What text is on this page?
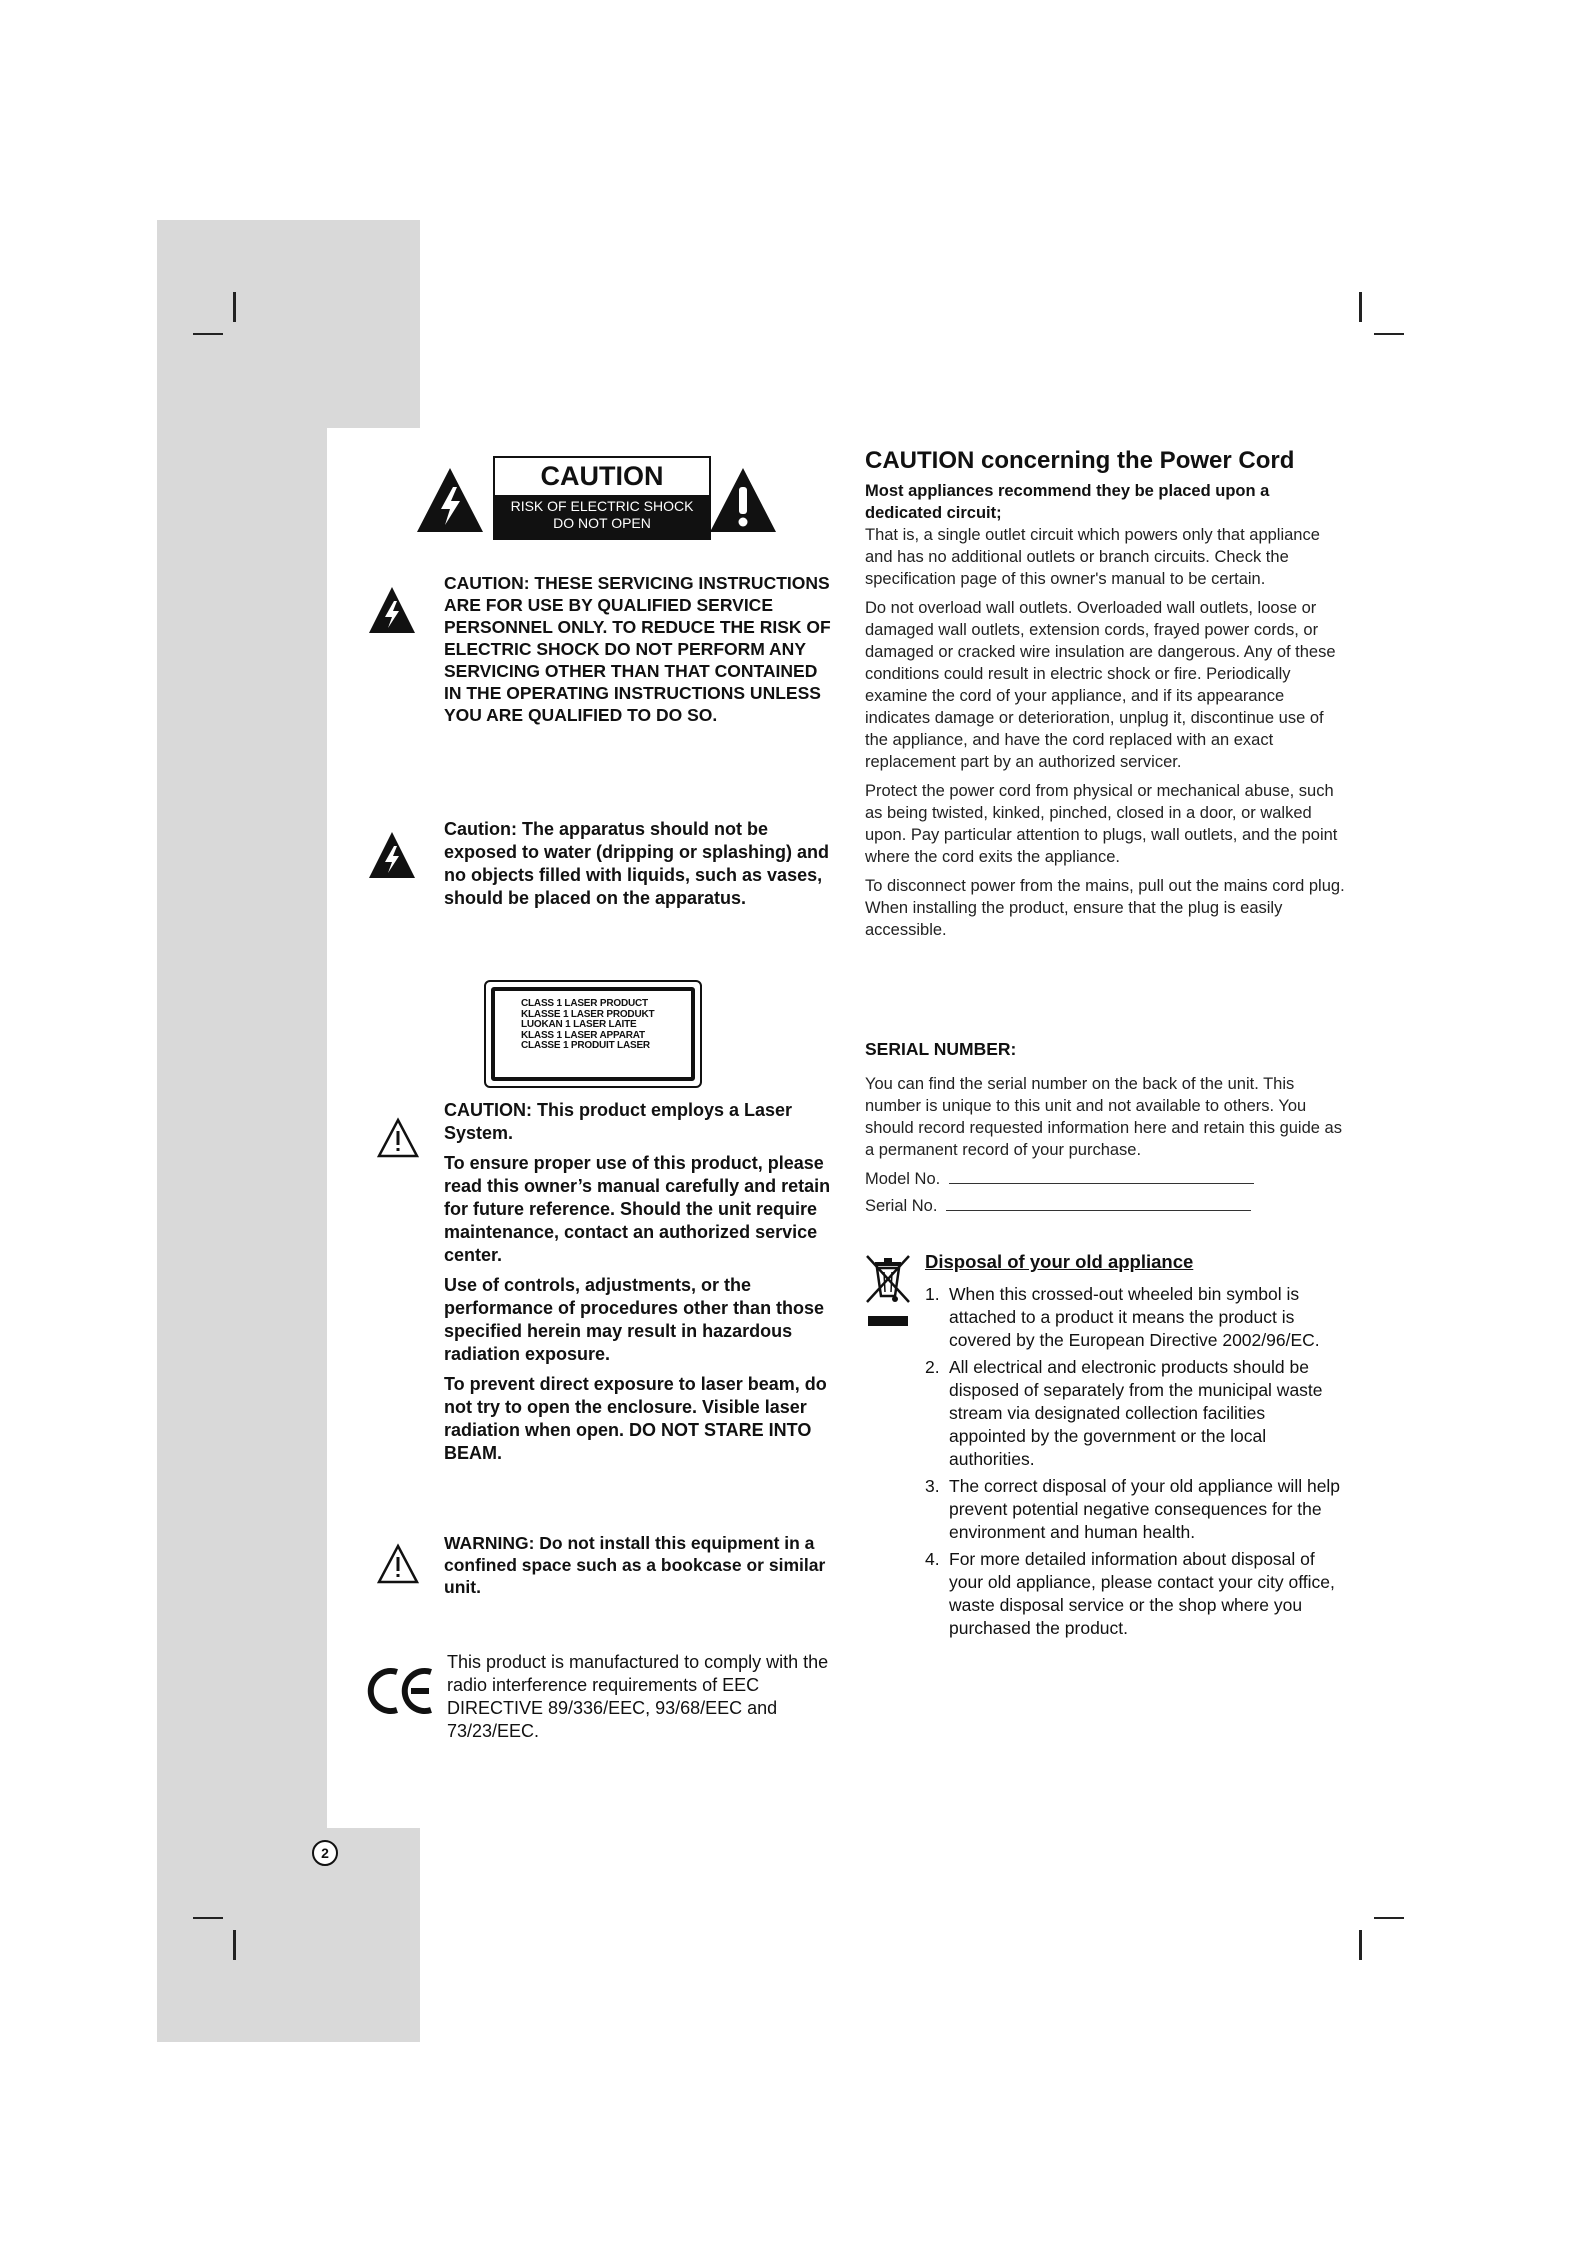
CAUTION
RISK OF ELECTRIC SHOCK
DO NOT OPEN

CAUTION: THESE SERVICING INSTRUCTIONS ARE FOR USE BY QUALIFIED SERVICE PERSONNEL ONLY. TO REDUCE THE RISK OF ELECTRIC SHOCK DO NOT PERFORM ANY SERVICING OTHER THAN THAT CONTAINED IN THE OPERATING INSTRUCTIONS UNLESS YOU ARE QUALIFIED TO DO SO.

Caution: The apparatus should not be exposed to water (dripping or splashing) and no objects filled with liquids, such as vases, should be placed on the apparatus.

CLASS 1 LASER PRODUCT
KLASSE 1 LASER PRODUKT
LUOKAN 1 LASER LAITE
KLASS 1 LASER APPARAT
CLASSE 1 PRODUIT LASER

CAUTION: This product employs a Laser System.

To ensure proper use of this product, please read this owner’s manual carefully and retain for future reference. Should the unit require maintenance, contact an authorized service center.

Use of controls, adjustments, or the performance of procedures other than those specified herein may result in hazardous radiation exposure.

To prevent direct exposure to laser beam, do not try to open the enclosure. Visible laser radiation when open. DO NOT STARE INTO BEAM.

WARNING: Do not install this equipment in a confined space such as a bookcase or similar unit.

This product is manufactured to comply with the radio interference requirements of EEC DIRECTIVE 89/336/EEC, 93/68/EEC and 73/23/EEC.

2
CAUTION concerning the Power Cord

Most appliances recommend they be placed upon a dedicated circuit;

That is, a single outlet circuit which powers only that appliance and has no additional outlets or branch circuits. Check the specification page of this owner's manual to be certain.

Do not overload wall outlets. Overloaded wall outlets, loose or damaged wall outlets, extension cords, frayed power cords, or damaged or cracked wire insulation are dangerous. Any of these conditions could result in electric shock or fire. Periodically examine the cord of your appliance, and if its appearance indicates damage or deterioration, unplug it, discontinue use of the appliance, and have the cord replaced with an exact replacement part by an authorized servicer.

Protect the power cord from physical or mechanical abuse, such as being twisted, kinked, pinched, closed in a door, or walked upon. Pay particular attention to plugs, wall outlets, and the point where the cord exits the appliance.

To disconnect power from the mains, pull out the mains cord plug. When installing the product, ensure that the plug is easily accessible.

SERIAL NUMBER:

You can find the serial number on the back of the unit. This number is unique to this unit and not available to others. You should record requested information here and retain this guide as a permanent record of your purchase.

Model No.

Serial No.

Disposal of your old appliance
1. When this crossed-out wheeled bin symbol is attached to a product it means the product is covered by the European Directive 2002/96/EC.
2. All electrical and electronic products should be disposed of separately from the municipal waste stream via designated collection facilities appointed by the government or the local authorities.
3. The correct disposal of your old appliance will help prevent potential negative consequences for the environment and human health.
4. For more detailed information about disposal of your old appliance, please contact your city office, waste disposal service or the shop where you purchased the product.
